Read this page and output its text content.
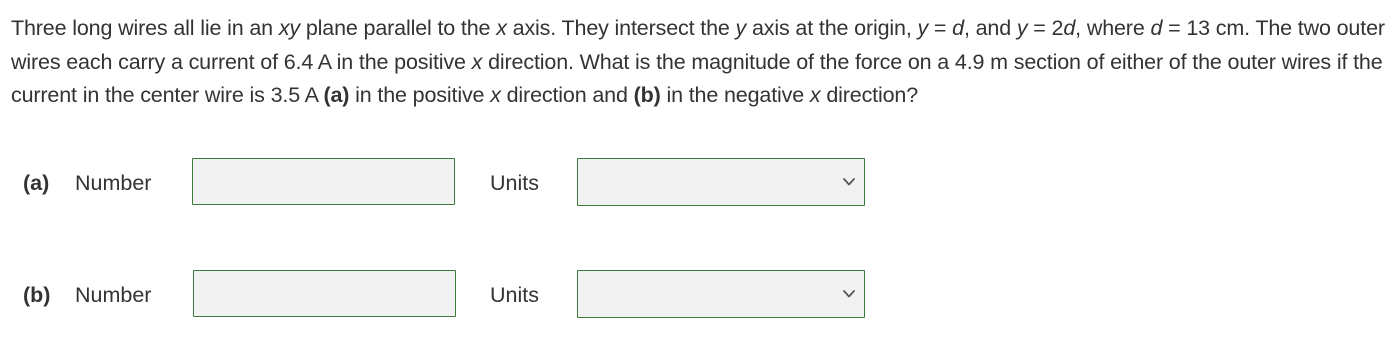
Three long wires all lie in an xy plane parallel to the x axis. They intersect the y axis at the origin, y = d, and y = 2d, where d = 13 cm. The two outer wires each carry a current of 6.4 A in the positive x direction. What is the magnitude of the force on a 4.9 m section of either of the outer wires if the current in the center wire is 3.5 A (a) in the positive x direction and (b) in the negative x direction?

(a) Number	Units
(b) Number	Units
